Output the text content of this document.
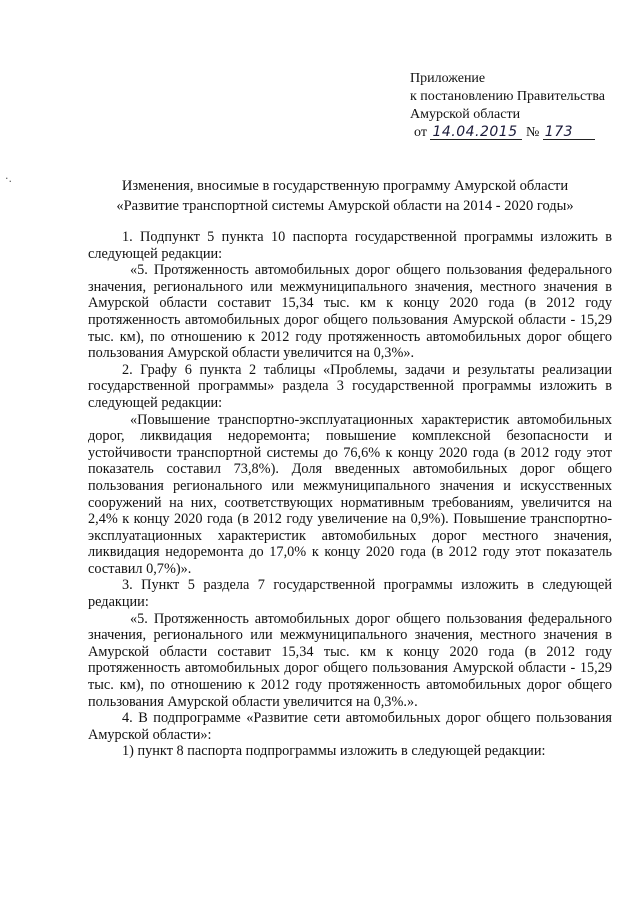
·.
Приложение
к постановлению Правительства
Амурской области
от 14.04.2015 № 173
Изменения, вносимые в государственную программу Амурской области
«Развитие транспортной системы Амурской области на 2014 - 2020 годы»

1. Подпункт 5 пункта 10 паспорта государственной программы изложить в следующей редакции:

«5. Протяженность автомобильных дорог общего пользования федерального значения, регионального или межмуниципального значения, местного значения в Амурской области составит 15,34 тыс. км к концу 2020 года (в 2012 году протяженность автомобильных дорог общего пользования Амурской области - 15,29 тыс. км), по отношению к 2012 году протяженность автомобильных дорог общего пользования Амурской области увеличится на 0,3%».

2. Графу 6 пункта 2 таблицы «Проблемы, задачи и результаты реализации государственной программы» раздела 3 государственной программы изложить в следующей редакции:

«Повышение транспортно-эксплуатационных характеристик автомобильных дорог, ликвидация недоремонта; повышение комплексной безопасности и устойчивости транспортной системы до 76,6% к концу 2020 года (в 2012 году этот показатель составил 73,8%). Доля введенных автомобильных дорог общего пользования регионального или межмуниципального значения и искусственных сооружений на них, соответствующих нормативным требованиям, увеличится на 2,4% к концу 2020 года (в 2012 году увеличение на 0,9%). Повышение транспортно-эксплуатационных характеристик автомобильных дорог местного значения, ликвидация недоремонта до 17,0% к концу 2020 года (в 2012 году этот показатель составил 0,7%)».

3. Пункт 5 раздела 7 государственной программы изложить в следующей редакции:

«5. Протяженность автомобильных дорог общего пользования федерального значения, регионального или межмуниципального значения, местного значения в Амурской области составит 15,34 тыс. км к концу 2020 года (в 2012 году протяженность автомобильных дорог общего пользования Амурской области - 15,29 тыс. км), по отношению к 2012 году протяженность автомобильных дорог общего пользования Амурской области увеличится на 0,3%.».

4. В подпрограмме «Развитие сети автомобильных дорог общего пользования Амурской области»:

1) пункт 8 паспорта подпрограммы изложить в следующей редакции:
